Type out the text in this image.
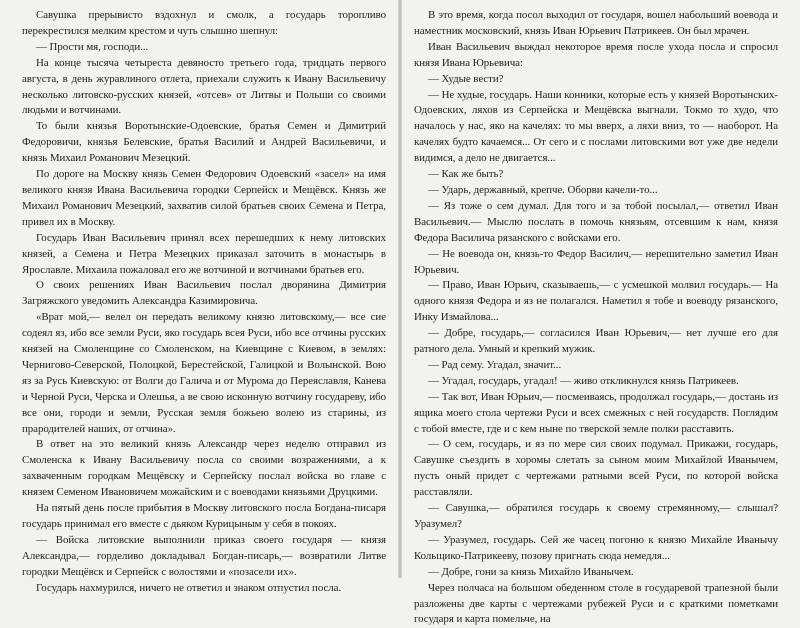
Савушка прерывисто вздохнул и смолк, а государь торопливо перекрестился мелким крестом и чуть слышно шепнул:

— Прости мя, господи...

На конце тысяча четыреста девяносто третьего года, тридцать первого августа, в день журавлиного отлета, приехали служить к Ивану Васильевичу несколько литовско-русских князей, «отсев» от Литвы и Польши со своими людьми и вотчинами.

То были князья Воротынские-Одоевские, братья Семен и Димитрий Федоровичи, князья Белевские, братья Василий и Андрей Васильевичи, и князь Михаил Романович Мезецкий.

По дороге на Москву князь Семен Федорович Одоевский «засел» на имя великого князя Ивана Васильевича городки Серпейск и Мещёвск. Князь же Михаил Романович Мезецкий, захватив силой братьев своих Семена и Петра, привел их в Москву.

Государь Иван Васильевич принял всех перешедших к нему литовских князей, а Семена и Петра Мезецких приказал заточить в монастырь в Ярославле. Михаила пожаловал его же вотчиной и вотчинами братьев его.

О своих решениях Иван Васильевич послал дворянина Димитрия Загряжского уведомить Александра Казимировича.

«Врат мой,— велел он передать великому князю литовскому,— все сие содеял яз, ибо все земли Руси, яко государь всея Руси, ибо все отчины русских князей на Смоленщине со Смоленском, на Киевщине с Киевом, в землях: Чернигово-Северской, Полоцкой, Берестейской, Галицкой и Волынской. Вою яз за Русь Киевскую: от Волги до Галича и от Мурома до Переяславля, Канева и Черной Руси, Черска и Олешья, а ве свою исконную вотчину государеву, ибо все они, городи и земли, Русская земля божьею волею из старины, из прародителей наших, от отчина».

В ответ на это великий князь Александр через неделю отправил из Смоленска к Ивану Васильевичу посла со своими возражениями, а к захваченным городкам Мещёвску и Серпейску послал войска во главе с князем Семеном Ивановичем можайским и с воеводами князьями Друцкими.

На пятый день после прибытия в Москву литовского посла Богдана-писаря государь принимал его вместе с дьяком Курицыным у себя в покоях.

— Войска литовские выполнили приказ своего государя — князя Александра,— горделиво докладывал Богдан-писарь,— возвратили Литве городки Мещёвск и Серпейск с волостями и «позасели их».

Государь нахмурился, ничего не ответил и знаком отпустил посла.

В это время, когда посол выходил от государя, вошел набольший воевода и наместник московский, князь Иван Юрьевич Патрикеев. Он был мрачен.

Иван Васильевич выждал некоторое время после ухода посла и спросил князя Ивана Юрьевича:

— Худые вести?

— Не худые, государь. Наши конники, которые есть у князей Воротынских-Одоевских, ляхов из Серпейска и Мещёвска выгнали. Токмо то худо, что началось у нас, яко на качелях: то мы вверх, а ляхи вниз, то — наоборот. На качелях будто качаемся... От сего и с послами литовскими вот уже две недели видимся, а дело не двигается...

— Как же быть?

— Ударь, державный, крепче. Оборви качели-то...

— Яз тоже о сем думал. Для того и за тобой посылал,— ответил Иван Васильевич.— Мыслю послать в помочь князьям, отсевшим к нам, князя Федора Василича рязанского с войсками его.

— Не воевода он, князь-то Федор Василич,— нерешительно заметил Иван Юрьевич.

— Право, Иван Юрьич, сказываешь,— с усмешкой молвил государь.— На одного князя Федора и яз не полагался. Наметил я тобе и воеводу рязанского, Инку Измайлова...

— Добре, государь,— согласился Иван Юрьевич,— нет лучше его для ратного дела. Умный и крепкий мужик.

— Рад сему. Угадал, значит...

— Угадал, государь, угадал! — живо откликнулся князь Патрикеев.

— Так вот, Иван Юрьич,— посмеиваясь, продолжал государь,— достань из ящика моего стола чертежи Руси и всех смежных с ней государств. Поглядим с тобой вместе, где и с кем ныне по тверской земле полки расставить.

— О сем, государь, и яз по мере сил своих подумал. Прикажи, государь, Савушке съездить в хоромы слетать за сыном моим Михайлой Иванычем, пусть оный придет с чертежами ратными всей Руси, по которой войска расставляли.

— Савушка,— обратился государь к своему стремянному,— слышал? Уразумел?

— Уразумел, государь. Сей же часец погоню к князю Михайле Иванычу Кольщико-Патрикееву, позову пригнать сюда немедля...

— Добре, гони за князь Михайло Иванычем.

Через полчаса на большом обеденном столе в государевой трапезной были разложены две карты с чертежами рубежей Руси и с краткими пометками государя и карта помельче, на
